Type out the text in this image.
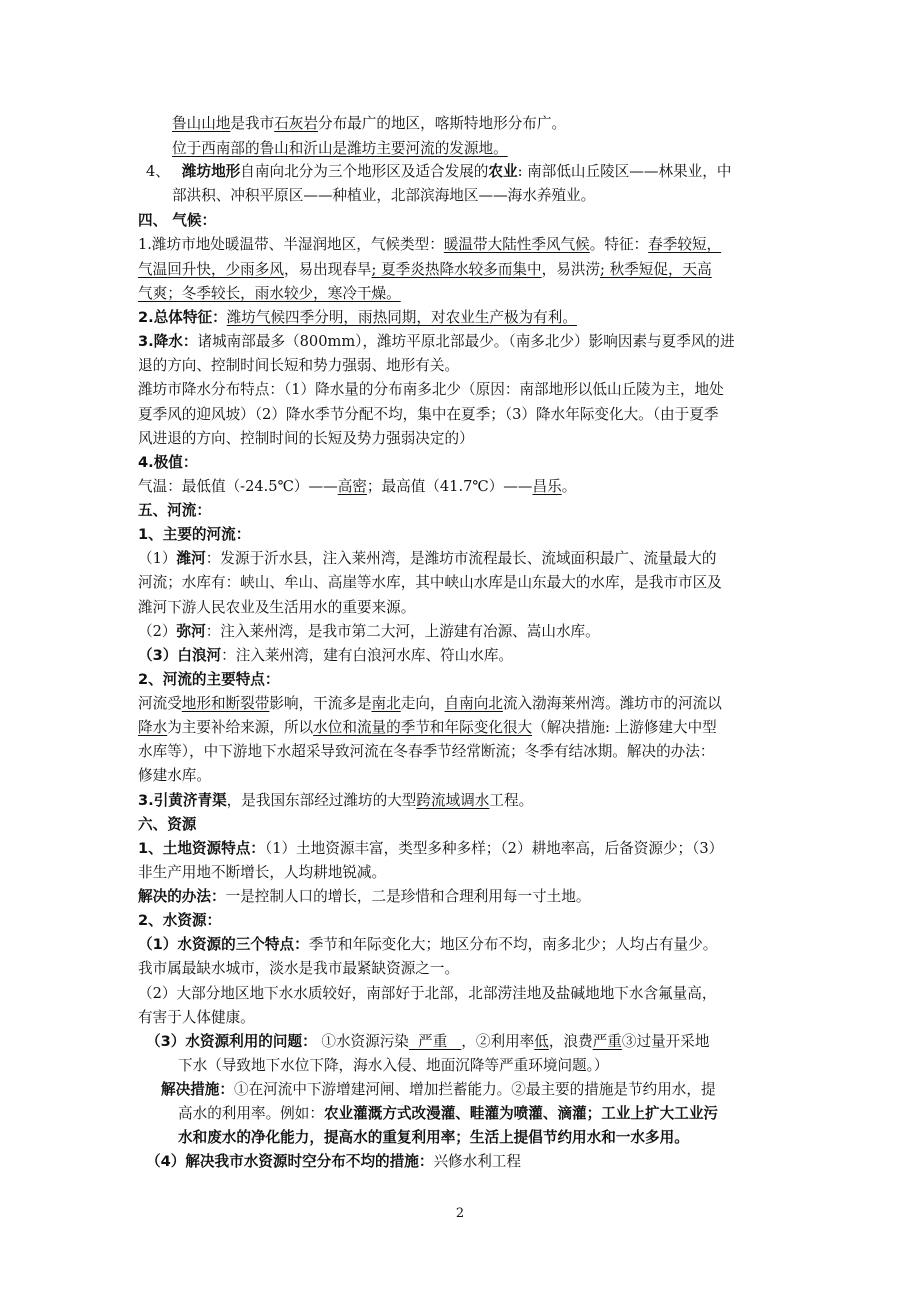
鲁山山地是我市石灰岩分布最广的地区，喀斯特地形分布广。
位于西南部的鲁山和沂山是潍坊主要河流的发源地。
4、 潍坊地形自南向北分为三个地形区及适合发展的农业: 南部低山丘陵区——林果业，中
部洪积、冲积平原区——种植业，北部滨海地区——海水养殖业。
四、 气候：
1.潍坊市地处暖温带、半湿润地区，气候类型：暖温带大陆性季风气候。特征：春季较短，
气温回升快，少雨多风，易出现春旱; 夏季炎热降水较多而集中，易洪涝; 秋季短促，天高
气爽；冬季较长，雨水较少，寒冷干燥。
2.总体特征：潍坊气候四季分明，雨热同期，对农业生产极为有利。
3.降水：诸城南部最多（800mm），潍坊平原北部最少。（南多北少）影响因素与夏季风的进
退的方向、控制时间长短和势力强弱、地形有关。
潍坊市降水分布特点：（1）降水量的分布南多北少（原因：南部地形以低山丘陵为主，地处
夏季风的迎风坡）（2）降水季节分配不均，集中在夏季；（3）降水年际变化大。（由于夏季
风进退的方向、控制时间的长短及势力强弱决定的）
4.极值：
气温：最低值（-24.5℃）——高密；最高值（41.7℃）——昌乐。
五、河流：
1、主要的河流：
（1）潍河：发源于沂水县，注入莱州湾，是潍坊市流程最长、流域面积最广、流量最大的
河流；水库有：峡山、牟山、高崖等水库，其中峡山水库是山东最大的水库，是我市市区及
潍河下游人民农业及生活用水的重要来源。
（2）弥河：注入莱州湾，是我市第二大河，上游建有冶源、嵩山水库。
（3）白浪河：注入莱州湾，建有白浪河水库、符山水库。
2、河流的主要特点：
河流受地形和断裂带影响，干流多是南北走向，自南向北流入渤海莱州湾。潍坊市的河流以
降水为主要补给来源，所以水位和流量的季节和年际变化很大（解决措施: 上游修建大中型
水库等），中下游地下水超采导致河流在冬春季节经常断流；冬季有结冰期。解决的办法：
修建水库。
3.引黄济青渠，是我国东部经过潍坊的大型跨流域调水工程。
六、资源
1、土地资源特点：（1）土地资源丰富，类型多种多样；（2）耕地率高，后备资源少；（3）
非生产用地不断增长，人均耕地锐减。
解决的办法：一是控制人口的增长，二是珍惜和合理利用每一寸土地。
2、水资源：
（1）水资源的三个特点：季节和年际变化大；地区分布不均，南多北少；人均占有量少。
我市属最缺水城市，淡水是我市最紧缺资源之一。
（2）大部分地区地下水水质较好，南部好于北部，北部涝洼地及盐碱地地下水含氟量高，
有害于人体健康。
（3）水资源利用的问题： ①水资源污染  严重   ，②利用率低，浪费严重③过量开采地
下水（导致地下水位下降，海水入侵、地面沉降等严重环境问题。）
解决措施：①在河流中下游增建河闸、增加拦蓄能力。②最主要的措施是节约用水，提
高水的利用率。例如：农业灌溉方式改漫灌、畦灌为喷灌、滴灌；工业上扩大工业污
水和废水的净化能力，提高水的重复利用率；生活上提倡节约用水和一水多用。
（4）解决我市水资源时空分布不均的措施：兴修水利工程
2
